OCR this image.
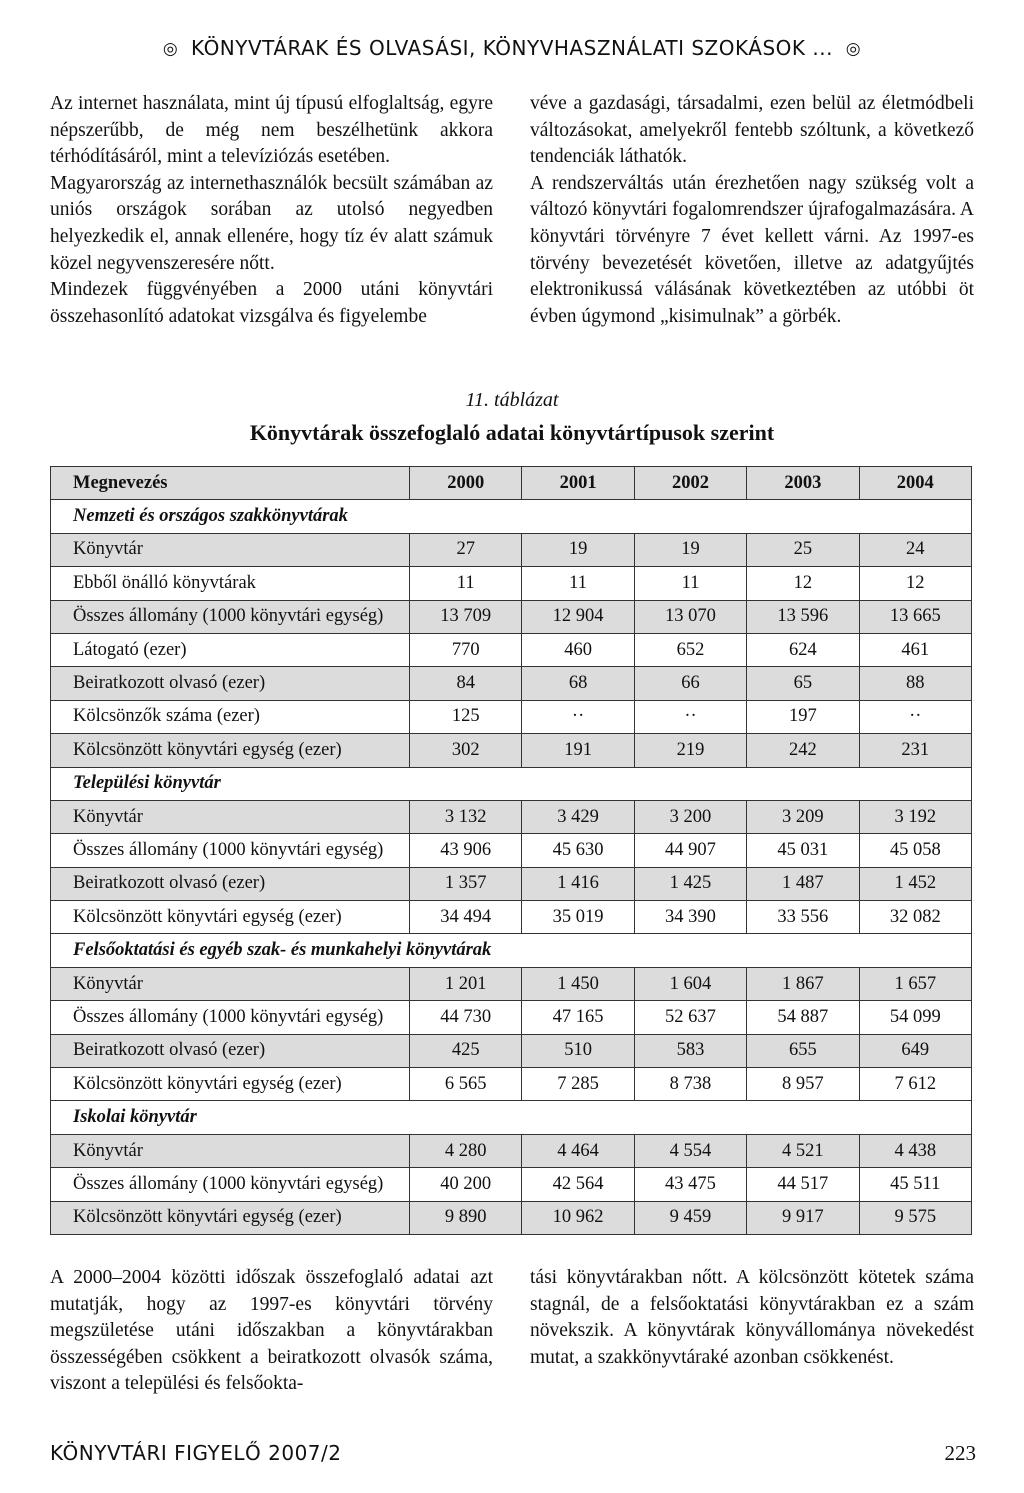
◎ KÖNYVTÁRAK ÉS OLVASÁSI, KÖNYVHASZNÁLATI SZOKÁSOK ... ◎

Az internet használata, mint új típusú elfoglaltság, egyre népszerűbb, de még nem beszélhetünk akkora térhódításáról, mint a televíziózás esetében.

Magyarország az internethasználók becsült számában az uniós országok sorában az utolsó negyedben helyezkedik el, annak ellenére, hogy tíz év alatt számuk közel negyvenszeresére nőtt.

Mindezek függvényében a 2000 utáni könyvtári összehasonlító adatokat vizsgálva és figyelembe

véve a gazdasági, társadalmi, ezen belül az életmódbeli változásokat, amelyekről fentebb szóltunk, a következő tendenciák láthatók.

A rendszerváltás után érezhetően nagy szükség volt a változó könyvtári fogalomrendszer újrafogalmazására. A könyvtári törvényre 7 évet kellett várni. Az 1997-es törvény bevezetését követően, illetve az adatgyűjtés elektronikussá válásának következtében az utóbbi öt évben úgymond „kisimulnak” a görbék.

11. táblázat
Könyvtárak összefoglaló adatai könyvtártípusok szerint
Megnevezés	2000	2001	2002	2003	2004
Nemzeti és országos szakkönyvtárak					
Könyvtár	27	19	19	25	24
Ebből önálló könyvtárak	11	11	11	12	12
Összes állomány (1000 könyvtári egység)	13 709	12 904	13 070	13 596	13 665
Látogató (ezer)	770	460	652	624	461
Beiratkozott olvasó (ezer)	84	68	66	65	88
Kölcsönzők száma (ezer)	125	··	··	197	··
Kölcsönzött könyvtári egység (ezer)	302	191	219	242	231
Települési könyvtár					
Könyvtár	3 132	3 429	3 200	3 209	3 192
Összes állomány (1000 könyvtári egység)	43 906	45 630	44 907	45 031	45 058
Beiratkozott olvasó (ezer)	1 357	1 416	1 425	1 487	1 452
Kölcsönzött könyvtári egység (ezer)	34 494	35 019	34 390	33 556	32 082
Felsőoktatási és egyéb szak- és munkahelyi könyvtárak					
Könyvtár	1 201	1 450	1 604	1 867	1 657
Összes állomány (1000 könyvtári egység)	44 730	47 165	52 637	54 887	54 099
Beiratkozott olvasó (ezer)	425	510	583	655	649
Kölcsönzött könyvtári egység (ezer)	6 565	7 285	8 738	8 957	7 612
Iskolai könyvtár					
Könyvtár	4 280	4 464	4 554	4 521	4 438
Összes állomány (1000 könyvtári egység)	40 200	42 564	43 475	44 517	45 511
Kölcsönzött könyvtári egység (ezer)	9 890	10 962	9 459	9 917	9 575

A 2000–2004 közötti időszak összefoglaló adatai azt mutatják, hogy az 1997-es könyvtári törvény megszületése utáni időszakban a könyvtárakban összességében csökkent a beiratkozott olvasók száma, viszont a települési és felsőokta-

tási könyvtárakban nőtt. A kölcsönzött kötetek száma stagnál, de a felsőoktatási könyvtárakban ez a szám növekszik. A könyvtárak könyvállománya növekedést mutat, a szakkönyvtáraké azonban csökkenést.

KÖNYVTÁRI FIGYELŐ 2007/2	223
